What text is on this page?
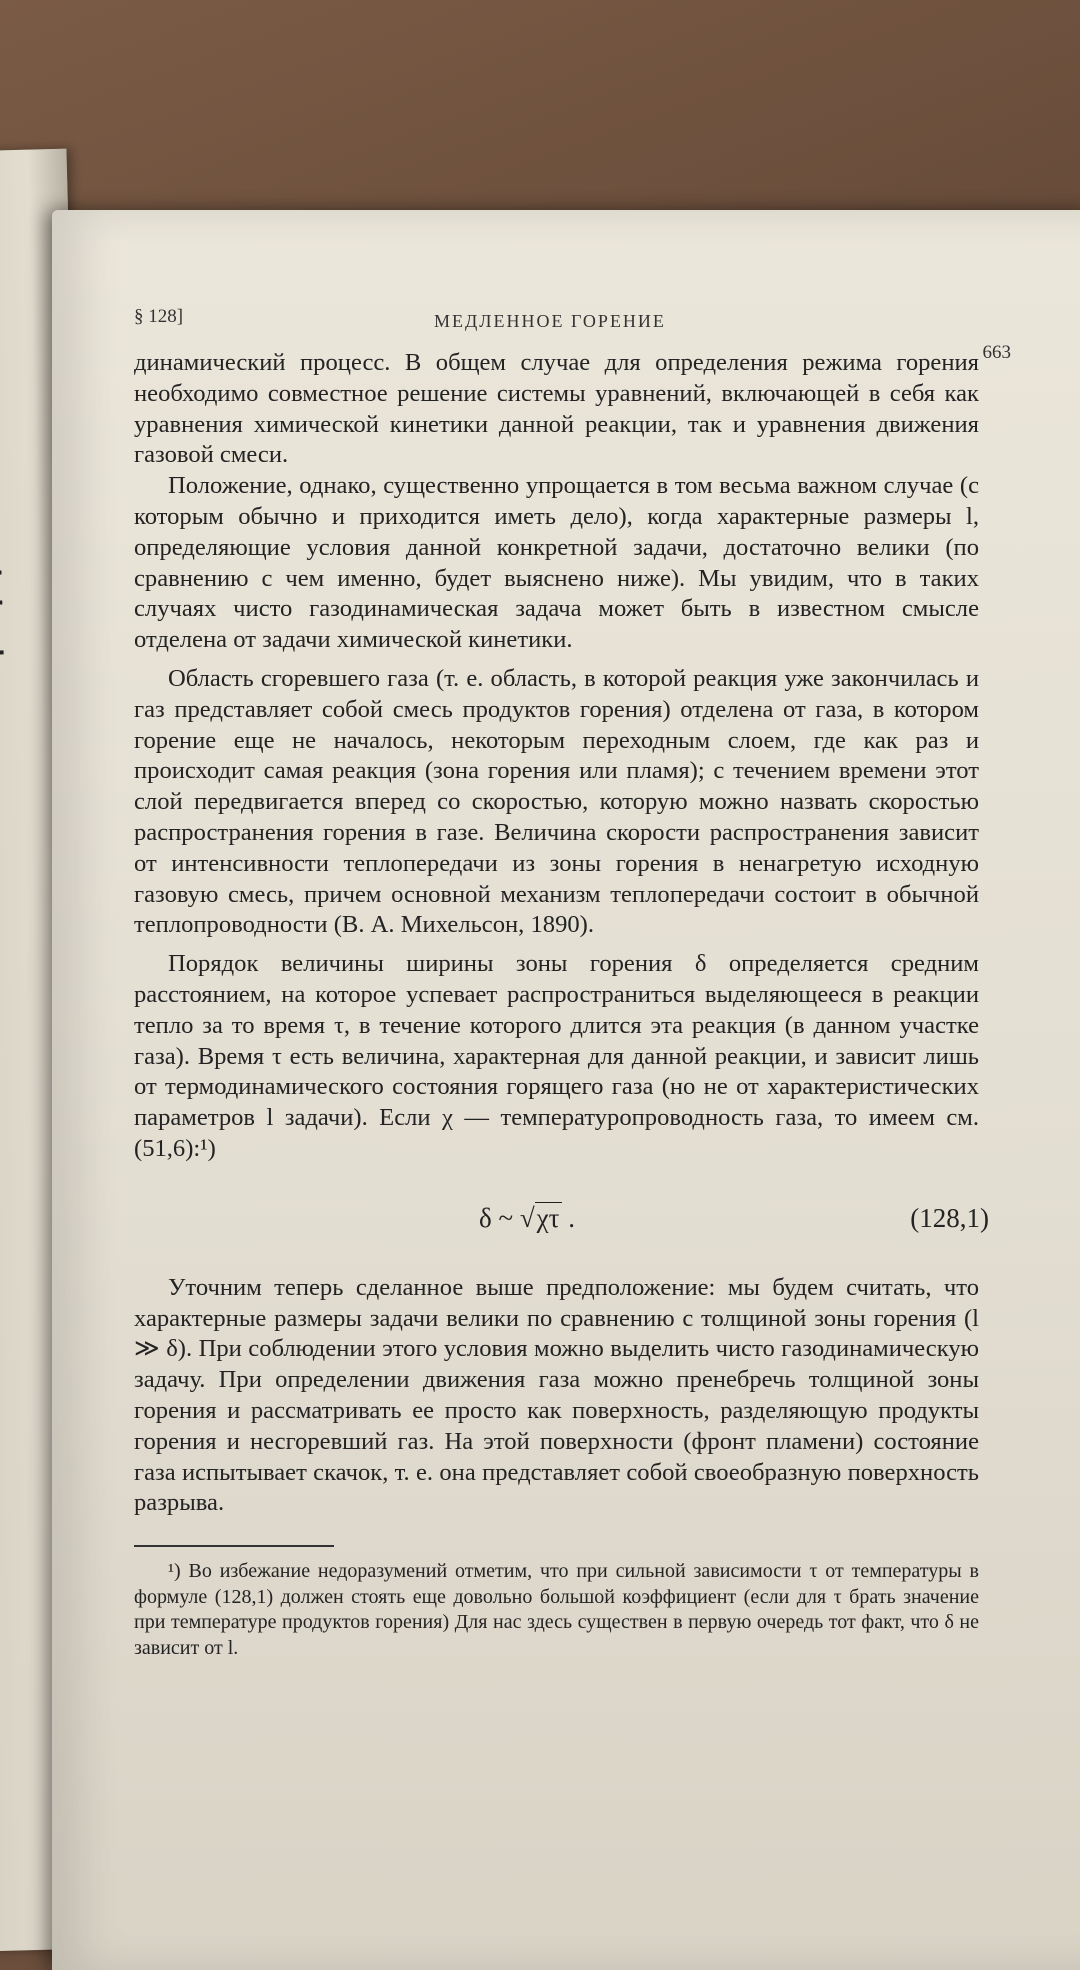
§ 128]	МЕДЛЕННОЕ ГОРЕНИЕ
663

динамический процесс. В общем случае для определения режима горения необходимо совместное решение системы уравнений, включающей в себя как уравнения химической кинетики данной реакции, так и уравнения движения газовой смеси.

Положение, однако, существенно упрощается в том весьма важном случае (с которым обычно и приходится иметь дело), когда характерные размеры l, определяющие условия данной конкретной задачи, достаточно велики (по сравнению с чем именно, будет выяснено ниже). Мы увидим, что в таких случаях чисто газодинамическая задача может быть в известном смысле отделена от задачи химической кинетики.

Область сгоревшего газа (т. е. область, в которой реакция уже закончилась и газ представляет собой смесь продуктов горения) отделена от газа, в котором горение еще не началось, некоторым переходным слоем, где как раз и происходит самая реакция (зона горения или пламя); с течением времени этот слой передвигается вперед со скоростью, которую можно назвать скоростью распространения горения в газе. Величина скорости распространения зависит от интенсивности теплопередачи из зоны горения в ненагретую исходную газовую смесь, причем основной механизм теплопередачи состоит в обычной теплопроводности (В. А. Михельсон, 1890).

Порядок величины ширины зоны горения δ определяется средним расстоянием, на которое успевает распространиться выделяющееся в реакции тепло за то время τ, в течение которого длится эта реакция (в данном участке газа). Время τ есть величина, характерная для данной реакции, и зависит лишь от термодинамического состояния горящего газа (но не от характеристических параметров l задачи). Если χ — температуропроводность газа, то имеем см. (51,6):¹)

δ ~ √χτ .	(128,1)

Уточним теперь сделанное выше предположение: мы будем считать, что характерные размеры задачи велики по сравнению с толщиной зоны горения (l ≫ δ). При соблюдении этого условия можно выделить чисто газодинамическую задачу. При определении движения газа можно пренебречь толщиной зоны горения и рассматривать ее просто как поверхность, разделяющую продукты горения и несгоревший газ. На этой поверхности (фронт пламени) состояние газа испытывает скачок, т. е. она представляет собой своеобразную поверхность разрыва.

¹) Во избежание недоразумений отметим, что при сильной зависимости τ от температуры в формуле (128,1) должен стоять еще довольно большой коэффициент (если для τ брать значение при температуре продуктов горения) Для нас здесь существен в первую очередь тот факт, что δ не зависит от l.
